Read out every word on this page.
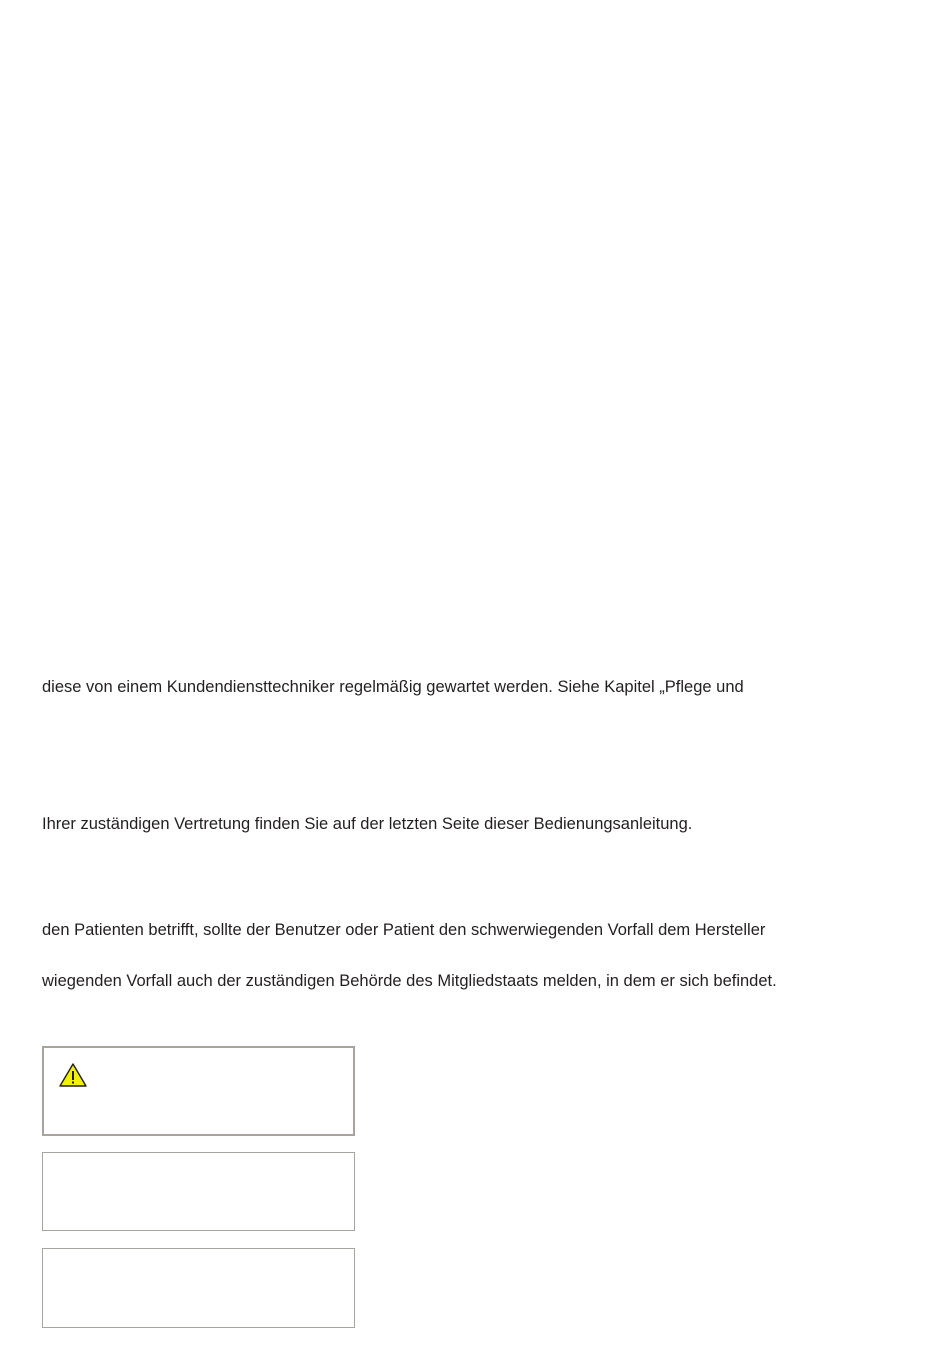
diese von einem Kundendiensttechniker regelmäßig gewartet werden. Siehe Kapitel „Pflege und

Ihrer zuständigen Vertretung finden Sie auf der letzten Seite dieser Bedienungsanleitung.

den Patienten betrifft, sollte der Benutzer oder Patient den schwerwiegenden Vorfall dem Hersteller

wiegenden Vorfall auch der zuständigen Behörde des Mitgliedstaats melden, in dem er sich befindet.
